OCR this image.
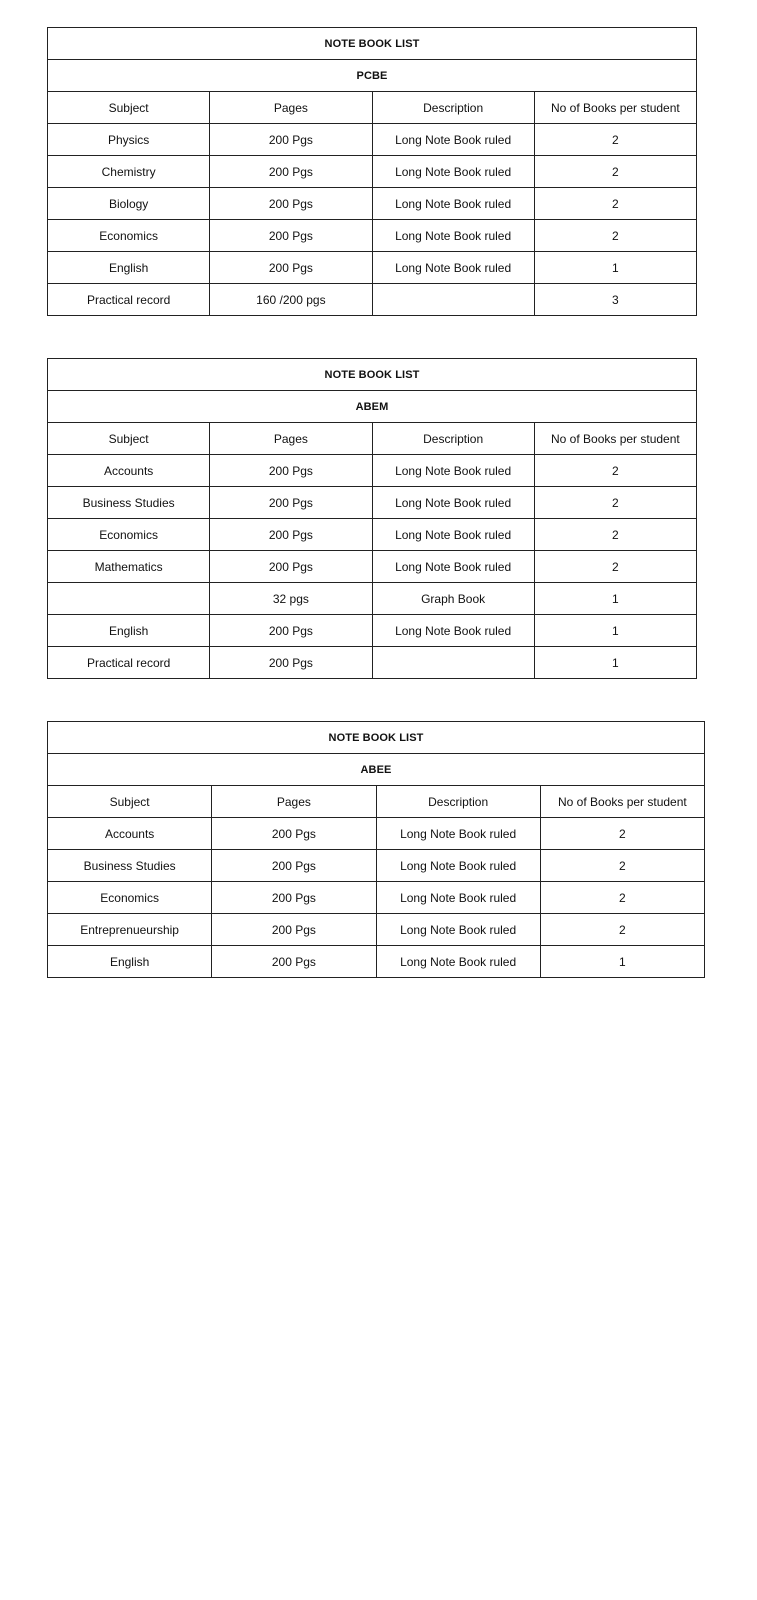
NOTE BOOK LIST			
PCBE			
Subject	Pages	Description	No of Books per student
Physics	200 Pgs	Long Note Book ruled	2
Chemistry	200 Pgs	Long Note Book ruled	2
Biology	200 Pgs	Long Note Book ruled	2
Economics	200 Pgs	Long Note Book ruled	2
English	200 Pgs	Long Note Book ruled	1
Practical record	160 /200 pgs		3
NOTE BOOK LIST			
ABEM			
Subject	Pages	Description	No of Books per student
Accounts	200 Pgs	Long Note Book ruled	2
Business Studies	200 Pgs	Long Note Book ruled	2
Economics	200 Pgs	Long Note Book ruled	2
Mathematics	200 Pgs	Long Note Book ruled	2
	32 pgs	Graph Book	1
English	200 Pgs	Long Note Book ruled	1
Practical record	200 Pgs		1
NOTE BOOK LIST			
ABEE			
Subject	Pages	Description	No of Books per student
Accounts	200 Pgs	Long Note Book ruled	2
Business Studies	200 Pgs	Long Note Book ruled	2
Economics	200 Pgs	Long Note Book ruled	2
Entreprenueurship	200 Pgs	Long Note Book ruled	2
English	200 Pgs	Long Note Book ruled	1
